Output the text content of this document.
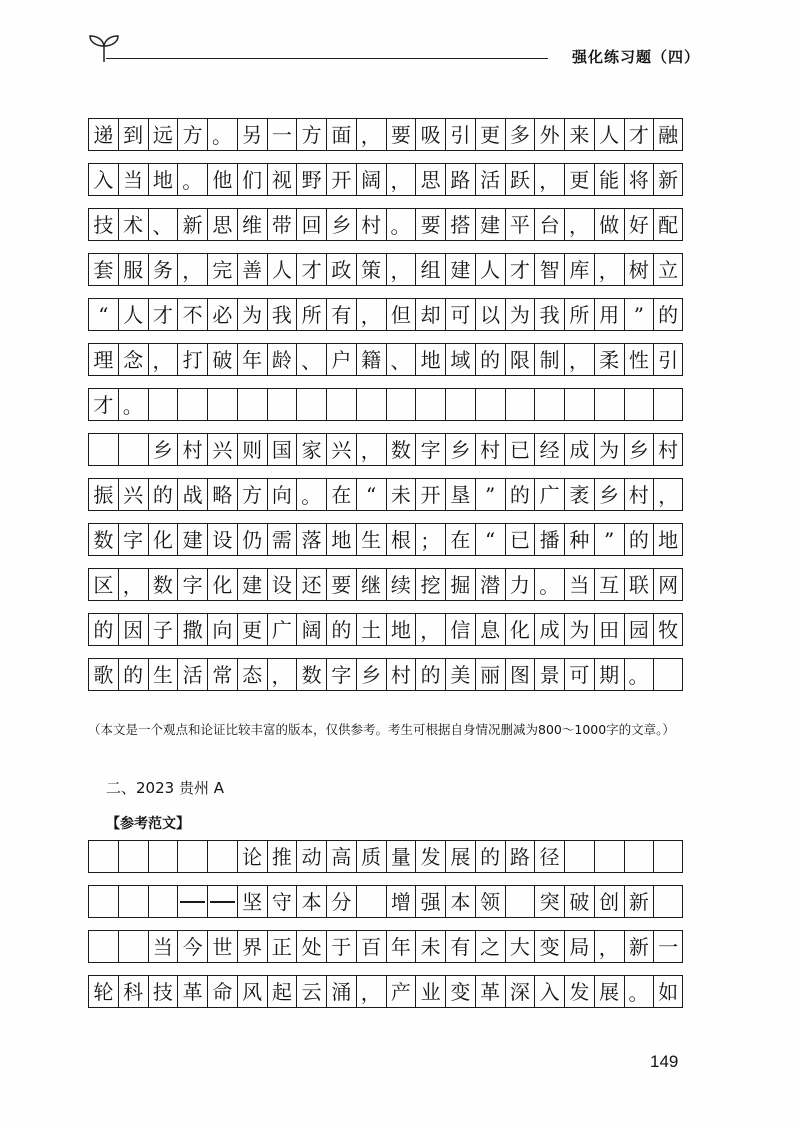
强化练习题（四）
递 到 远 方 。 另 一 方 面 ， 要 吸 引 更 多 外 来 人 才 融
入 当 地 。 他 们 视 野 开 阔 ， 思 路 活 跃 ， 更 能 将 新
技 术 、 新 思 维 带 回 乡 村 。 要 搭 建 平 台 ， 做 好 配
套 服 务 ， 完 善 人 才 政 策 ， 组 建 人 才 智 库 ， 树 立
“ 人 才 不 必 为 我 所 有 ， 但 却 可 以 为 我 所 用 ” 的
理 念 ， 打 破 年 龄 、 户 籍 、 地 域 的 限 制 ， 柔 性 引
才 。
乡 村 兴 则 国 家 兴 ， 数 字 乡 村 已 经 成 为 乡 村
振 兴 的 战 略 方 向 。 在 “ 未 开 垦 ” 的 广 袤 乡 村 ，
数 字 化 建 设 仍 需 落 地 生 根 ； 在 “ 已 播 种 ” 的 地
区 ， 数 字 化 建 设 还 要 继 续 挖 掘 潜 力 。 当 互 联 网
的 因 子 撒 向 更 广 阔 的 土 地 ， 信 息 化 成 为 田 园 牧
歌 的 生 活 常 态 ， 数 字 乡 村 的 美 丽 图 景 可 期 。
（本文是一个观点和论证比较丰富的版本，仅供参考。考生可根据自身情况删减为800～1000字的文章。）
二、2023 贵州 A
【参考范文】
论 推 动 高 质 量 发 展 的 路 径
坚 守 本 分 增 强 本 领 突 破 创 新
当 今 世 界 正 处 于 百 年 未 有 之 大 变 局 ， 新 一
轮 科 技 革 命 风 起 云 涌 ， 产 业 变 革 深 入 发 展 。 如
149
